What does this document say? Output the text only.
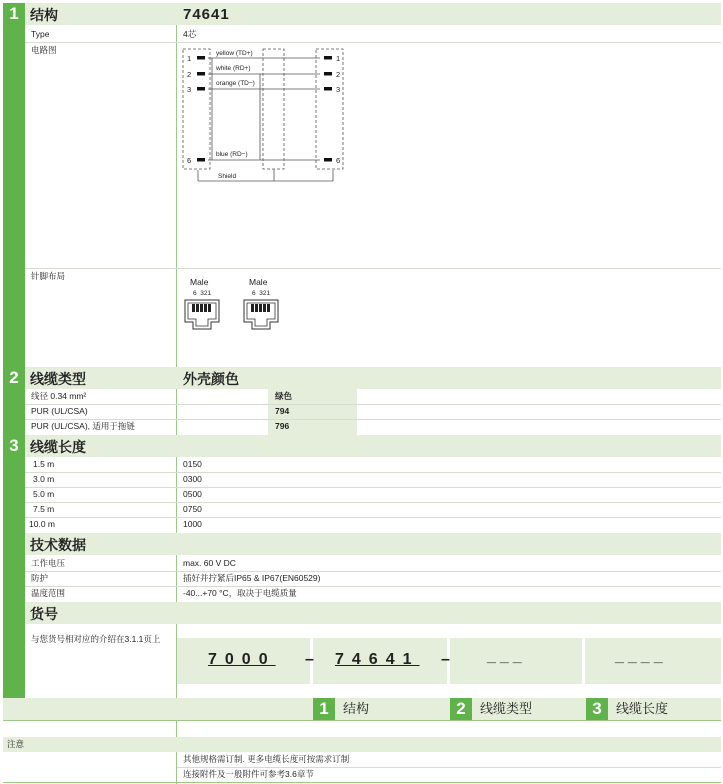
1 结构	74641
Type	4芯
电路图
1
2
3
6
1
2
3
6
yellow (TD+)
white (RD+)
orange (TD−)
blue (RD−)
Shield
针脚布局
Male
6  321
Male
6  321
2 线缆类型	外壳颜色
线径 0.34 mm²	绿色
PUR (UL/CSA)	794
PUR (UL/CSA), 适用于拖链	796
3 线缆长度
1.5 m	0150
3.0 m	0300
5.0 m	0500
7.5 m	0750
10.0 m	1000
技术数据
工作电压	max. 60 V DC
防护	插好并拧紧后IP65 & IP67(EN60529)
温度范围	-40...+70 °C，取决于电缆质量
货号
与您货号相对应的介绍在3.1.1页上
7000 – 74641 – ___	____
1	结构	2	线缆类型	3	线缆长度
注意
其他规格需订制. 更多电缆长度可按需求订制
连接附件及一般附件可参考3.6章节
